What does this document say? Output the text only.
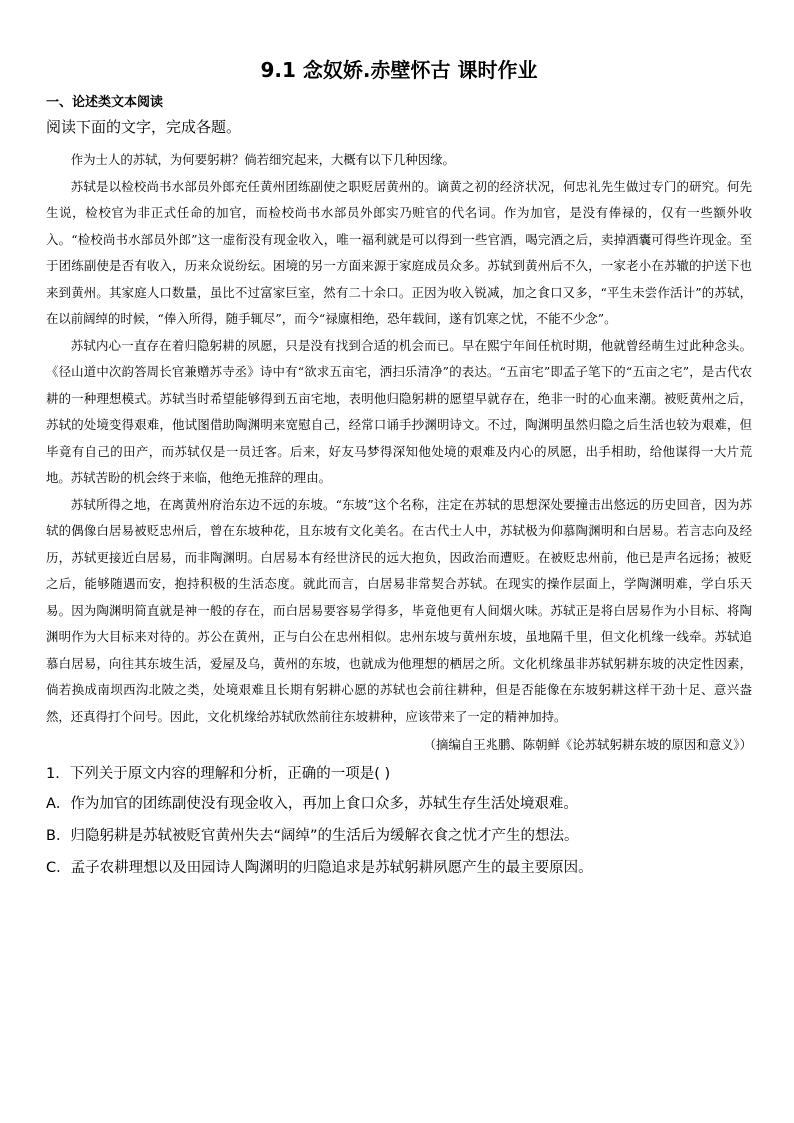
9.1 念奴娇.赤壁怀古 课时作业
一、论述类文本阅读
阅读下面的文字，完成各题。

作为士人的苏轼，为何要躬耕？倘若细究起来，大概有以下几种因缘。

苏轼是以检校尚书水部员外郎充任黄州团练副使之职贬居黄州的。谪黄之初的经济状况，何忠礼先生做过专门的研究。何先生说，检校官为非正式任命的加官，而检校尚书水部员外郎实乃赃官的代名词。作为加官，是没有俸禄的，仅有一些额外收入。“检校尚书水部员外郎”这一虚衔没有现金收入，唯一福利就是可以得到一些官酒，喝完酒之后，卖掉酒囊可得些许现金。至于团练副使是否有收入，历来众说纷纭。困境的另一方面来源于家庭成员众多。苏轼到黄州后不久，一家老小在苏辙的护送下也来到黄州。其家庭人口数量，虽比不过富家巨室，然有二十余口。正因为收入锐减，加之食口又多，“平生未尝作活计”的苏轼，在以前阔绰的时候，“俸入所得，随手辄尽”，而今“禄廪相绝，恐年载间，遂有饥寒之忧，不能不少念”。

苏轼内心一直存在着归隐躬耕的夙愿，只是没有找到合适的机会而已。早在熙宁年间任杭时期，他就曾经萌生过此种念头。《径山道中次韵答周长官兼赠苏寺丞》诗中有“欲求五亩宅，洒扫乐清净”的表达。“五亩宅”即孟子笔下的“五亩之宅”，是古代农耕的一种理想模式。苏轼当时希望能够得到五亩宅地，表明他归隐躬耕的愿望早就存在，绝非一时的心血来潮。被贬黄州之后，苏轼的处境变得艰难，他试图借助陶渊明来宽慰自己，经常口诵手抄渊明诗文。不过，陶渊明虽然归隐之后生活也较为艰难，但毕竟有自己的田产，而苏轼仅是一员迁客。后来，好友马梦得深知他处境的艰难及内心的夙愿，出手相助，给他谋得一大片荒地。苏轼苦盼的机会终于来临，他绝无推辞的理由。

苏轼所得之地，在离黄州府治东边不远的东坡。“东坡”这个名称，注定在苏轼的思想深处要撞击出悠远的历史回音，因为苏轼的偶像白居易被贬忠州后，曾在东坡种花，且东坡有文化美名。在古代士人中，苏轼极为仰慕陶渊明和白居易。若言志向及经历，苏轼更接近白居易，而非陶渊明。白居易本有经世济民的远大抱负，因政治而遭贬。在被贬忠州前，他已是声名远扬；被贬之后，能够随遇而安，抱持积极的生活态度。就此而言，白居易非常契合苏轼。在现实的操作层面上，学陶渊明难，学白乐天易。因为陶渊明简直就是神一般的存在，而白居易要容易学得多，毕竟他更有人间烟火味。苏轼正是将白居易作为小目标、将陶渊明作为大目标来对待的。苏公在黄州，正与白公在忠州相似。忠州东坡与黄州东坡，虽地隔千里，但文化机缘一线牵。苏轼追慕白居易，向往其东坡生活，爱屋及乌，黄州的东坡，也就成为他理想的栖居之所。文化机缘虽非苏轼躬耕东坡的决定性因素，倘若换成南坝西沟北陂之类，处境艰难且长期有躬耕心愿的苏轼也会前往耕种，但是否能像在东坡躬耕这样干劲十足、意兴盎然，还真得打个问号。因此，文化机缘给苏轼欣然前往东坡耕种，应该带来了一定的精神加持。

（摘编自王兆鹏、陈朝鲜《论苏轼躬耕东坡的原因和意义》）
1．下列关于原文内容的理解和分析，正确的一项是( )
A．作为加官的团练副使没有现金收入，再加上食口众多，苏轼生存生活处境艰难。
B．归隐躬耕是苏轼被贬官黄州失去“阔绰”的生活后为缓解衣食之忧才产生的想法。
C．孟子农耕理想以及田园诗人陶渊明的归隐追求是苏轼躬耕夙愿产生的最主要原因。
